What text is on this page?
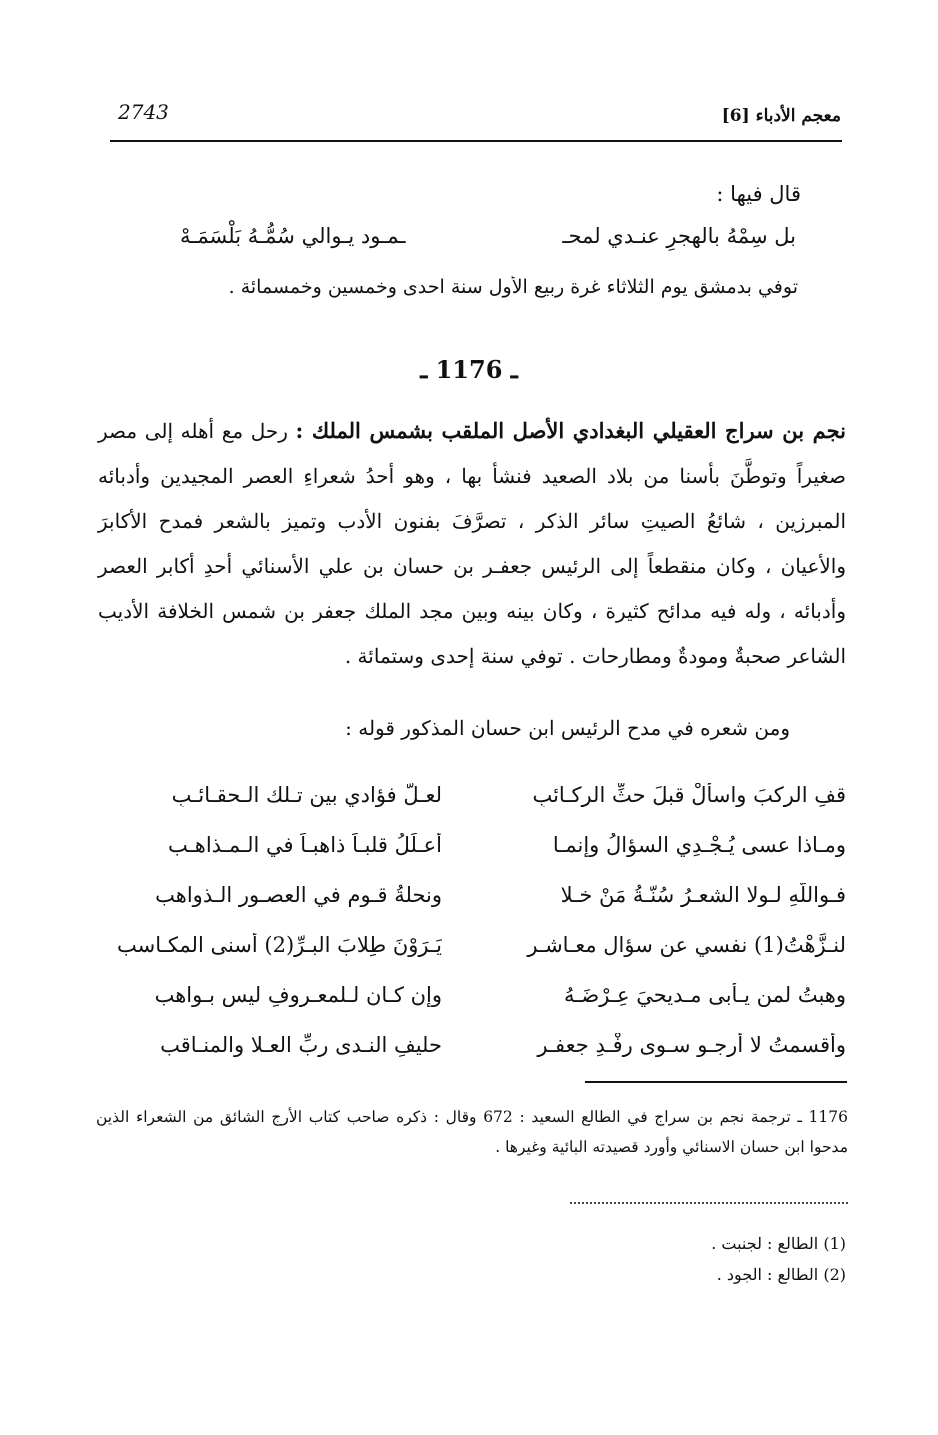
2743	معجم الأدباء [6]
قال فيها :
بل سِمْهُ بالهجرِ عنـدي لمحـ
ـمـود يـوالي سُمُّـهُ بَلْسَمَـهْ
توفي بدمشق يوم الثلاثاء غرة ربيع الأول سنة احدى وخمسين وخمسمائة .
ـ 1176 ـ
نجم بن سراج العقيلي البغدادي الأصل الملقب بشمس الملك : رحل مع أهله إلى مصر صغيراً وتوطَّنَ بأسنا من بلاد الصعيد فنشأ بها ، وهو أحدُ شعراءِ العصر المجيدين وأدبائه المبرزين ، شائعُ الصيتِ سائر الذكر ، تصرَّفَ بفنون الأدب وتميز بالشعر فمدح الأكابرَ والأعيان ، وكان منقطعاً إلى الرئيس جعفـر بن حسان بن علي الأسنائي أحدِ أكابر العصر وأدبائه ، وله فيه مدائح كثيرة ، وكان بينه وبين مجد الملك جعفر بن شمس الخلافة الأديب الشاعر صحبةٌ ومودةٌ ومطارحات . توفي سنة إحدى وستمائة .
ومن شعره في مدح الرئيس ابن حسان المذكور قوله :
قفِ الركبَ واسألْ قبلَ حثِّ الركـائبِ
لعـلَّ فؤادي بين تـلك الـحقـائـبِ
ومـاذا عسى يُـجْـدِي السؤالُ وإنمـا
أعـلِّلُ قلبـاً ذاهبـاً في الـمـذاهـب
فـواللّهِ لـولا الشعـرُ سُنّـةُ مَنْ خـلا
ونحلةُ قـومٍ في العصـورِ الـذواهب
لنـزَّهْتُ(1) نفسي عن سؤالِ معـاشـرٍ
يَـرَوْنَ طِلابَ البـرِّ(2) أسنى المكـاسب
وهبتُ لمن يـأبى مـديحيَ عِـرْضَـهُ
وإن كـان لـلمعـروفِ ليس بـواهب
وأقسمتُ لا أرجـو سـوى رِفْـدِ جعفـرٍ
حليفِ النـدى ربِّ العـلا والمنـاقب
1176 ـ ترجمة نجم بن سراج في الطالع السعيد : 672 وقال : ذكره صاحب كتاب الأرج الشائق من الشعراء الذين مدحوا ابن حسان الاسنائي وأورد قصيدته البائية وغيرها .
(1) الطالع : لجنبت .
(2) الطالع : الجود .
